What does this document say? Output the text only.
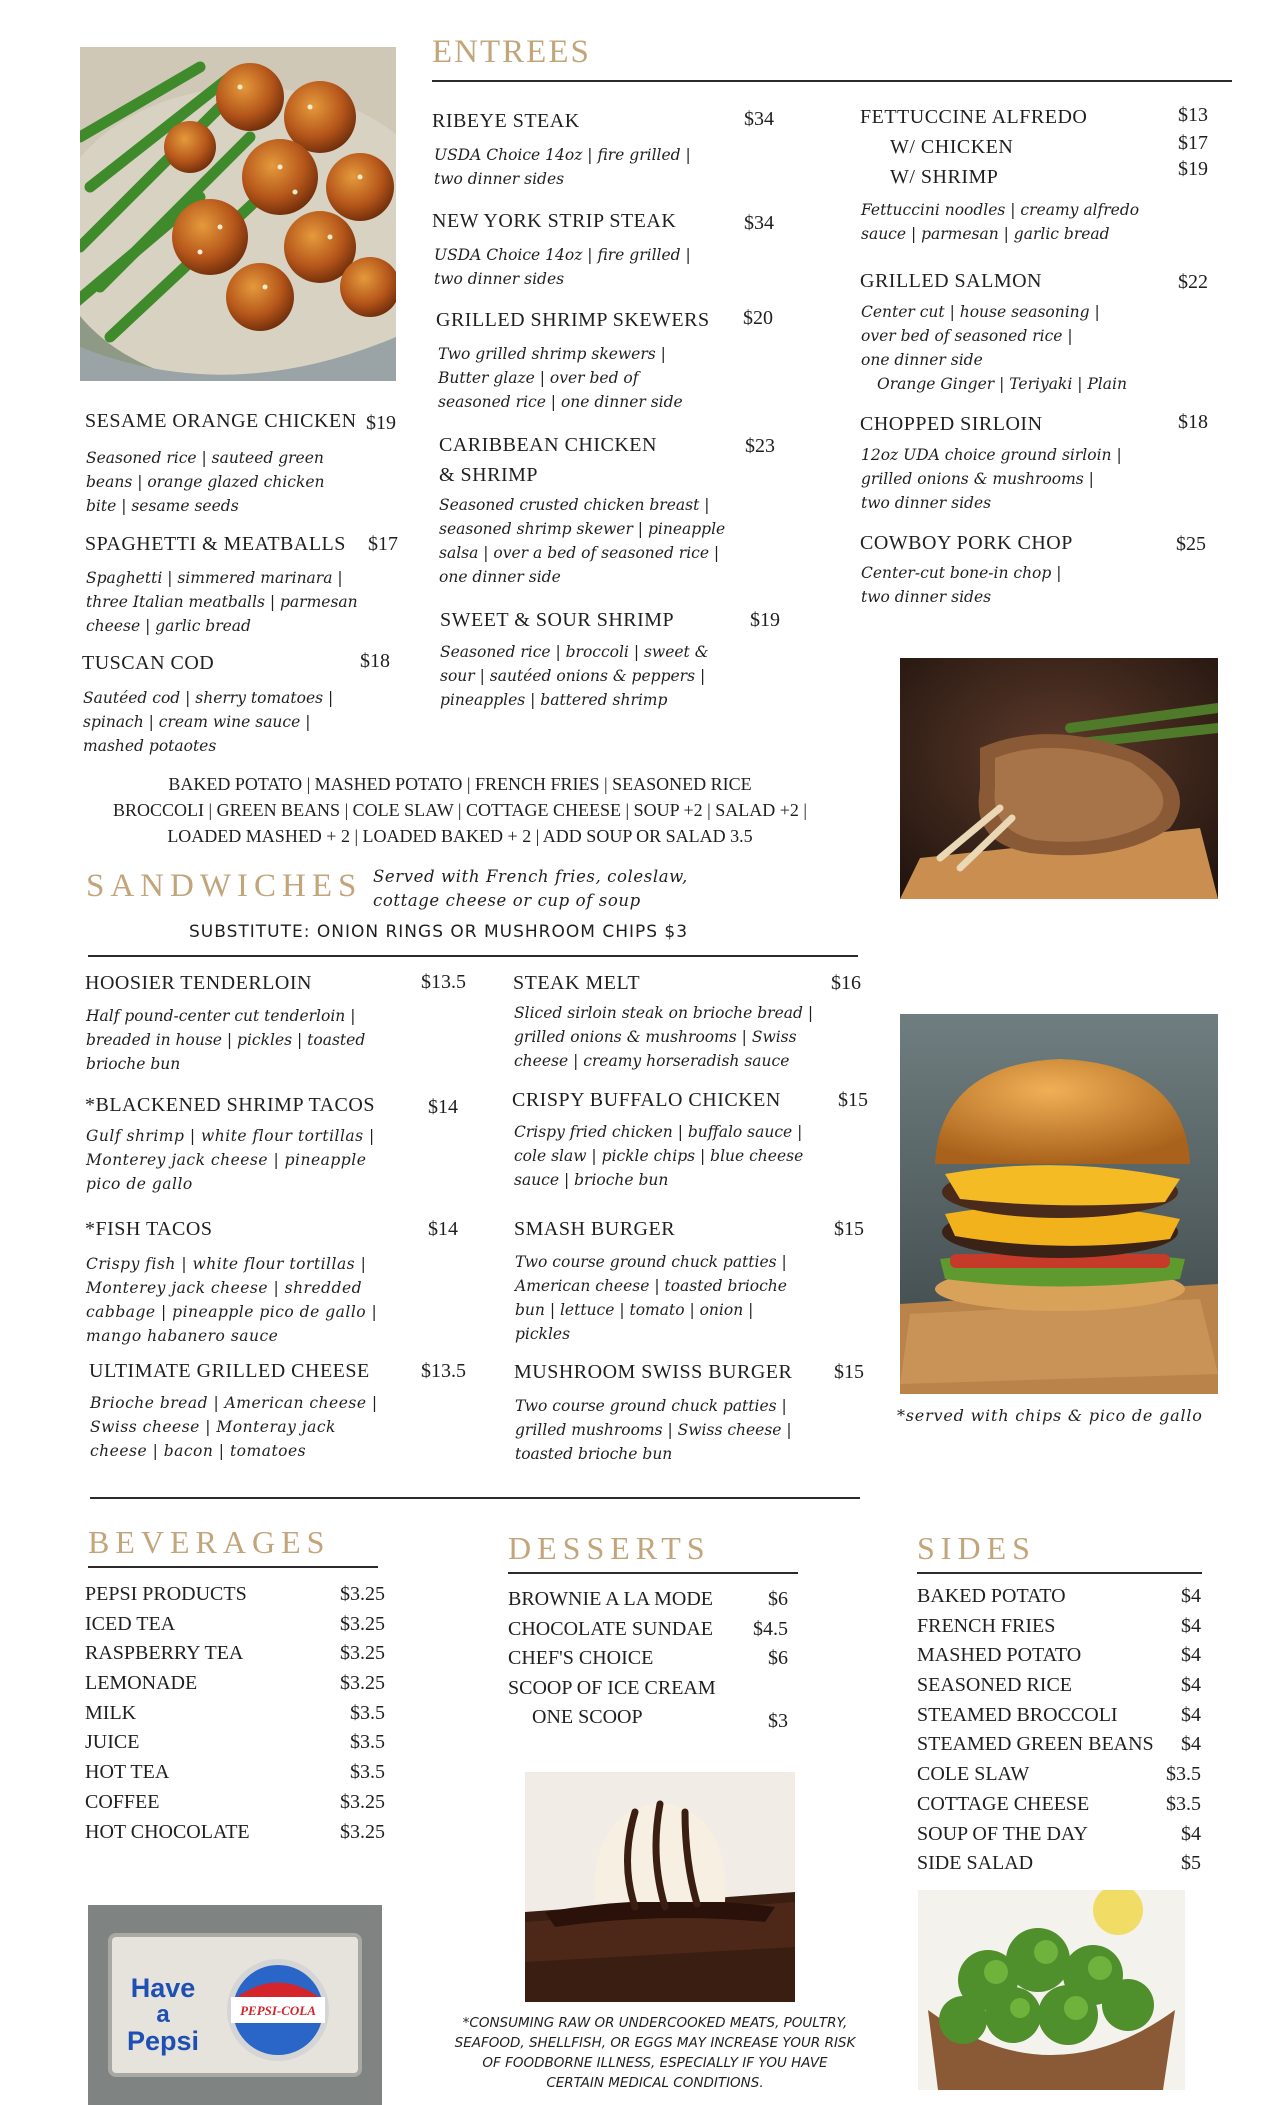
Have
a
Pepsi
PEPSI-COLA
ENTREES
SESAME ORANGE CHICKEN $19
Seasoned rice | sauteed green
beans | orange glazed chicken
bite | sesame seeds
SPAGHETTI & MEATBALLS $17
Spaghetti | simmered marinara |
three Italian meatballs | parmesan
cheese | garlic bread
TUSCAN COD	$18
Sautéed cod | sherry tomatoes |
spinach | cream wine sauce |
mashed potaotes
RIBEYE STEAK	$34
USDA Choice 14oz | fire grilled |
two dinner sides
NEW YORK STRIP STEAK	$34
USDA Choice 14oz | fire grilled |
two dinner sides
GRILLED SHRIMP SKEWERS $20
Two grilled shrimp skewers |
Butter glaze | over bed of
seasoned rice | one dinner side
CARIBBEAN CHICKEN
& SHRIMP
$23
Seasoned crusted chicken breast |
seasoned shrimp skewer | pineapple
salsa | over a bed of seasoned rice |
one dinner side
SWEET & SOUR SHRIMP	$19
Seasoned rice | broccoli | sweet &
sour | sautéed onions & peppers |
pineapples | battered shrimp
FETTUCCINE ALFREDO	$13
W/ CHICKEN	$17
W/ SHRIMP	$19
Fettuccini noodles | creamy alfredo
sauce | parmesan | garlic bread
GRILLED SALMON	$22
Center cut | house seasoning |
over bed of seasoned rice |
one dinner side
Orange Ginger | Teriyaki | Plain
CHOPPED SIRLOIN	$18
12oz UDA choice ground sirloin |
grilled onions & mushrooms |
two dinner sides
COWBOY PORK CHOP	$25
Center-cut bone-in chop |
two dinner sides
BAKED POTATO | MASHED POTATO | FRENCH FRIES | SEASONED RICE
BROCCOLI | GREEN BEANS | COLE SLAW | COTTAGE CHEESE | SOUP +2 | SALAD +2 |
LOADED MASHED + 2 | LOADED BAKED + 2 | ADD SOUP OR SALAD 3.5
SANDWICHES Served with French fries, coleslaw,
cottage cheese or cup of soup
SUBSTITUTE: ONION RINGS OR MUSHROOM CHIPS $3
HOOSIER TENDERLOIN	$13.5
Half pound-center cut tenderloin |
breaded in house | pickles | toasted
brioche bun
*BLACKENED SHRIMP TACOS	$14
Gulf shrimp | white flour tortillas |
Monterey jack cheese | pineapple
pico de gallo
*FISH TACOS	$14
Crispy fish | white flour tortillas |
Monterey jack cheese | shredded
cabbage | pineapple pico de gallo |
mango habanero sauce
ULTIMATE GRILLED CHEESE	$13.5
Brioche bread | American cheese |
Swiss cheese | Monteray jack
cheese | bacon | tomatoes
STEAK MELT	$16
Sliced sirloin steak on brioche bread |
grilled onions & mushrooms | Swiss
cheese | creamy horseradish sauce
CRISPY BUFFALO CHICKEN	$15
Crispy fried chicken | buffalo sauce |
cole slaw | pickle chips | blue cheese
sauce | brioche bun
SMASH BURGER	$15
Two course ground chuck patties |
American cheese | toasted brioche
bun | lettuce | tomato | onion |
pickles
MUSHROOM SWISS BURGER $15
Two course ground chuck patties |
grilled mushrooms | Swiss cheese |
toasted brioche bun
*served with chips & pico de gallo
BEVERAGES
PEPSI PRODUCTS	$3.25
ICED TEA	$3.25
RASPBERRY TEA	$3.25
LEMONADE	$3.25
MILK	$3.5
JUICE	$3.5
HOT TEA	$3.5
COFFEE	$3.25
HOT CHOCOLATE	$3.25
DESSERTS
BROWNIE A LA MODE	$6
CHOCOLATE SUNDAE $4.5
CHEF'S CHOICE	$6
SCOOP OF ICE CREAM
ONE SCOOP	$3
SIDES
BAKED POTATO	$4
FRENCH FRIES	$4
MASHED POTATO	$4
SEASONED RICE	$4
STEAMED BROCCOLI	$4
STEAMED GREEN BEANS $4
COLE SLAW	$3.5
COTTAGE CHEESE	$3.5
SOUP OF THE DAY	$4
SIDE SALAD	$5
*CONSUMING RAW OR UNDERCOOKED MEATS, POULTRY,
SEAFOOD, SHELLFISH, OR EGGS MAY INCREASE YOUR RISK
OF FOODBORNE ILLNESS, ESPECIALLY IF YOU HAVE
CERTAIN MEDICAL CONDITIONS.
